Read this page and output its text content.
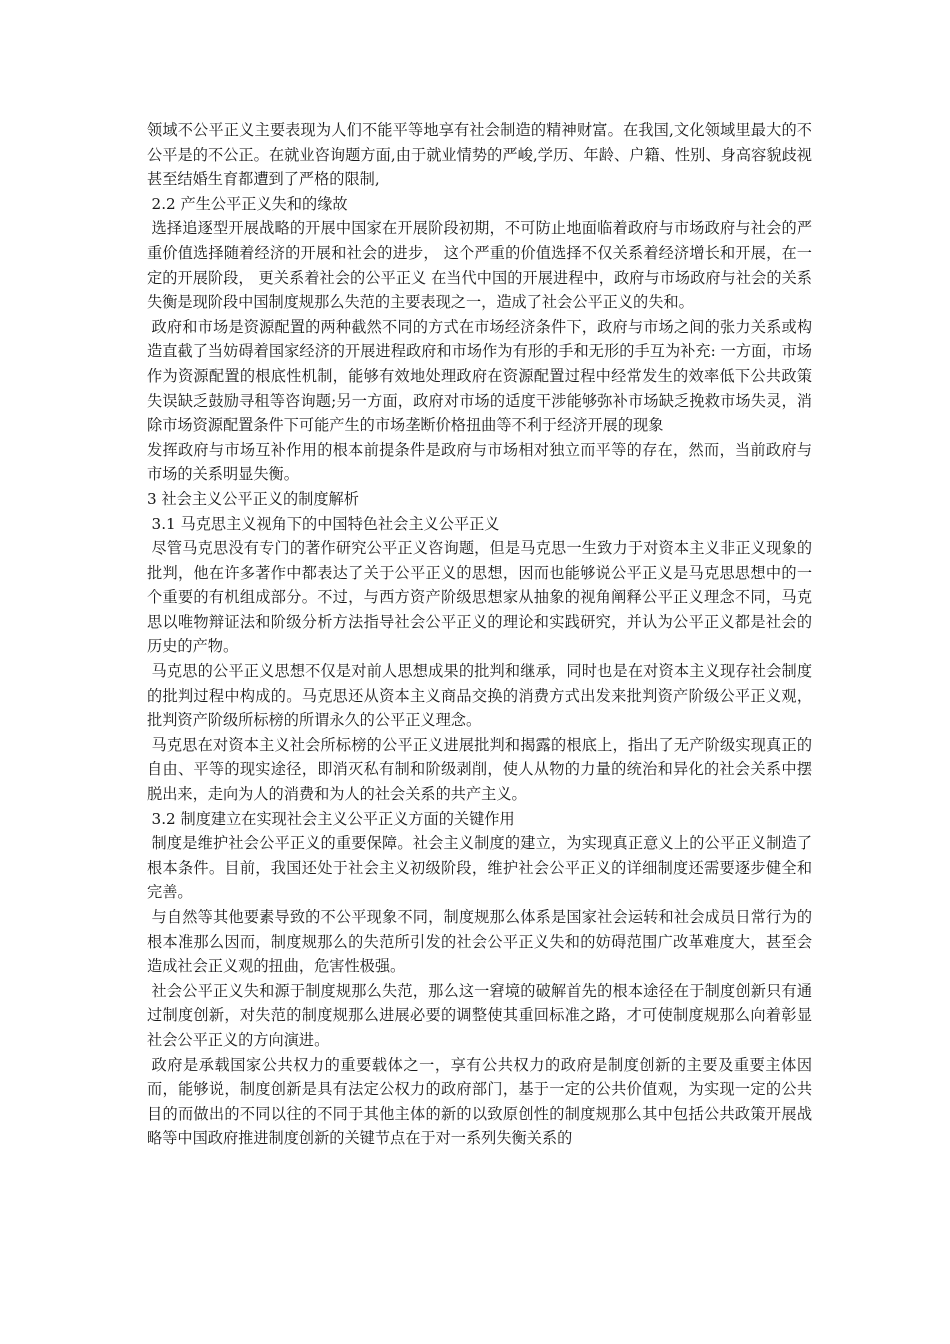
领域不公平正义主要表现为人们不能平等地享有社会制造的精神财富。在我国,文化领域里最大的不公平是的不公正。在就业咨询题方面,由于就业情势的严峻,学历、年龄、户籍、性别、身高容貌歧视甚至结婚生育都遭到了严格的限制,

2.2 产生公平正义失和的缘故

选择追逐型开展战略的开展中国家在开展阶段初期，不可防止地面临着政府与市场政府与社会的严重价值选择随着经济的开展和社会的进步， 这个严重的价值选择不仅关系着经济增长和开展，在一定的开展阶段， 更关系着社会的公平正义 在当代中国的开展进程中，政府与市场政府与社会的关系失衡是现阶段中国制度规那么失范的主要表现之一，造成了社会公平正义的失和。

政府和市场是资源配置的两种截然不同的方式在市场经济条件下，政府与市场之间的张力关系或构造直截了当妨碍着国家经济的开展进程政府和市场作为有形的手和无形的手互为补充: 一方面，市场作为资源配置的根底性机制，能够有效地处理政府在资源配置过程中经常发生的效率低下公共政策失误缺乏鼓励寻租等咨询题;另一方面，政府对市场的适度干涉能够弥补市场缺乏挽救市场失灵，消除市场资源配置条件下可能产生的市场垄断价格扭曲等不利于经济开展的现象

发挥政府与市场互补作用的根本前提条件是政府与市场相对独立而平等的存在，然而，当前政府与市场的关系明显失衡。

3 社会主义公平正义的制度解析

3.1 马克思主义视角下的中国特色社会主义公平正义

尽管马克思没有专门的著作研究公平正义咨询题，但是马克思一生致力于对资本主义非正义现象的批判，他在许多著作中都表达了关于公平正义的思想，因而也能够说公平正义是马克思思想中的一个重要的有机组成部分。不过，与西方资产阶级思想家从抽象的视角阐释公平正义理念不同，马克思以唯物辩证法和阶级分析方法指导社会公平正义的理论和实践研究，并认为公平正义都是社会的历史的产物。

马克思的公平正义思想不仅是对前人思想成果的批判和继承，同时也是在对资本主义现存社会制度的批判过程中构成的。马克思还从资本主义商品交换的消费方式出发来批判资产阶级公平正义观，批判资产阶级所标榜的所谓永久的公平正义理念。

马克思在对资本主义社会所标榜的公平正义进展批判和揭露的根底上，指出了无产阶级实现真正的自由、平等的现实途径，即消灭私有制和阶级剥削，使人从物的力量的统治和异化的社会关系中摆脱出来，走向为人的消费和为人的社会关系的共产主义。

3.2 制度建立在实现社会主义公平正义方面的关键作用

制度是维护社会公平正义的重要保障。社会主义制度的建立，为实现真正意义上的公平正义制造了根本条件。目前，我国还处于社会主义初级阶段，维护社会公平正义的详细制度还需要逐步健全和完善。

与自然等其他要素导致的不公平现象不同，制度规那么体系是国家社会运转和社会成员日常行为的根本准那么因而，制度规那么的失范所引发的社会公平正义失和的妨碍范围广改革难度大，甚至会造成社会正义观的扭曲，危害性极强。

社会公平正义失和源于制度规那么失范，那么这一窘境的破解首先的根本途径在于制度创新只有通过制度创新，对失范的制度规那么进展必要的调整使其重回标准之路，才可使制度规那么向着彰显社会公平正义的方向演进。

政府是承载国家公共权力的重要载体之一，享有公共权力的政府是制度创新的主要及重要主体因而，能够说，制度创新是具有法定公权力的政府部门，基于一定的公共价值观，为实现一定的公共目的而做出的不同以往的不同于其他主体的新的以致原创性的制度规那么其中包括公共政策开展战略等中国政府推进制度创新的关键节点在于对一系列失衡关系的
